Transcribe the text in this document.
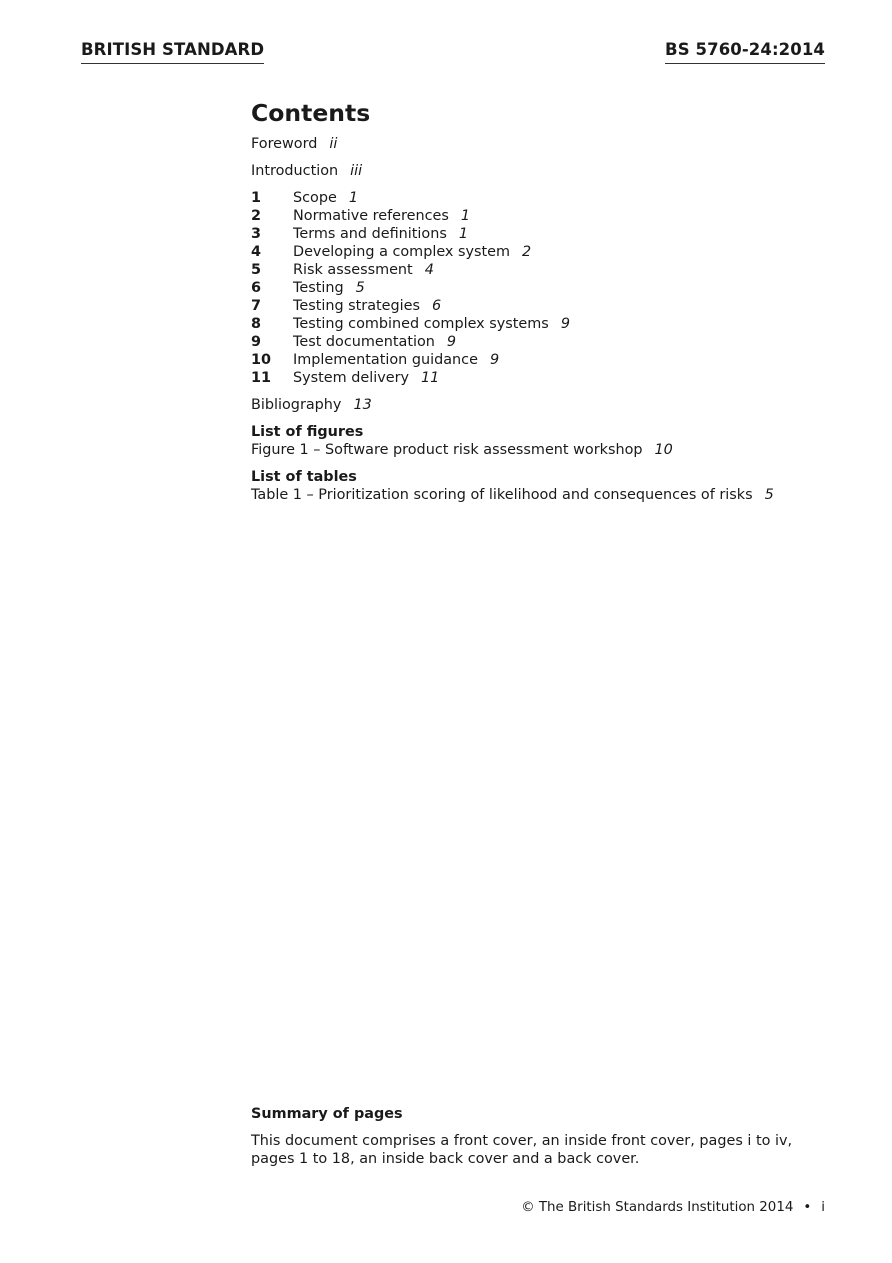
BRITISH STANDARD	BS 5760-24:2014
Contents
Foreword ii
Introduction iii
1	Scope 1
2	Normative references 1
3	Terms and definitions 1
4	Developing a complex system 2
5	Risk assessment 4
6	Testing 5
7	Testing strategies 6
8	Testing combined complex systems 9
9	Test documentation 9
10	Implementation guidance 9
11	System delivery 11
Bibliography 13
List of figures
Figure 1 – Software product risk assessment workshop 10
List of tables
Table 1 – Prioritization scoring of likelihood and consequences of risks 5
Summary of pages
This document comprises a front cover, an inside front cover, pages i to iv, pages 1 to 18, an inside back cover and a back cover.
© The British Standards Institution 2014 • i
